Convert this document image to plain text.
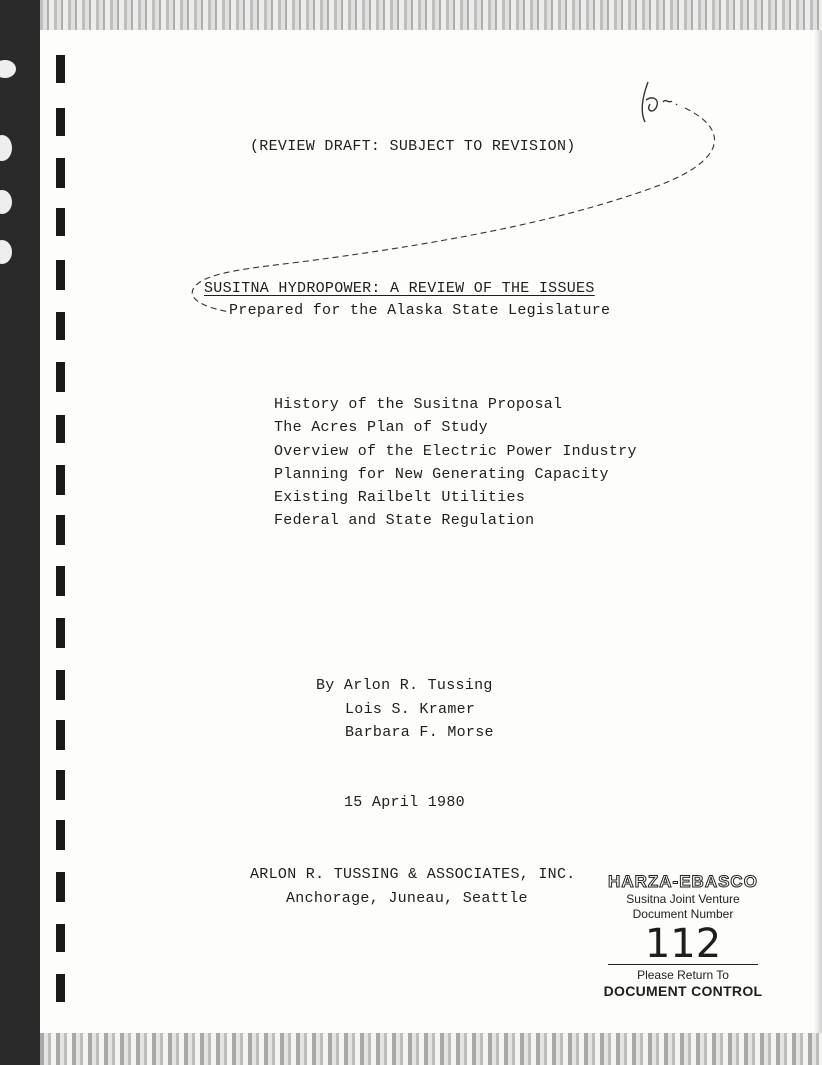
(REVIEW DRAFT: SUBJECT TO REVISION)
SUSITNA HYDROPOWER: A REVIEW OF THE ISSUES
Prepared for the Alaska State Legislature
History of the Susitna Proposal
The Acres Plan of Study
Overview of the Electric Power Industry
Planning for New Generating Capacity
Existing Railbelt Utilities
Federal and State Regulation
By Arlon R. Tussing
Lois S. Kramer
Barbara F. Morse
15 April 1980
ARLON R. TUSSING & ASSOCIATES, INC.
Anchorage, Juneau, Seattle
HARZA-EBASCO
Susitna Joint Venture
Document Number
112
Please Return To
DOCUMENT CONTROL
